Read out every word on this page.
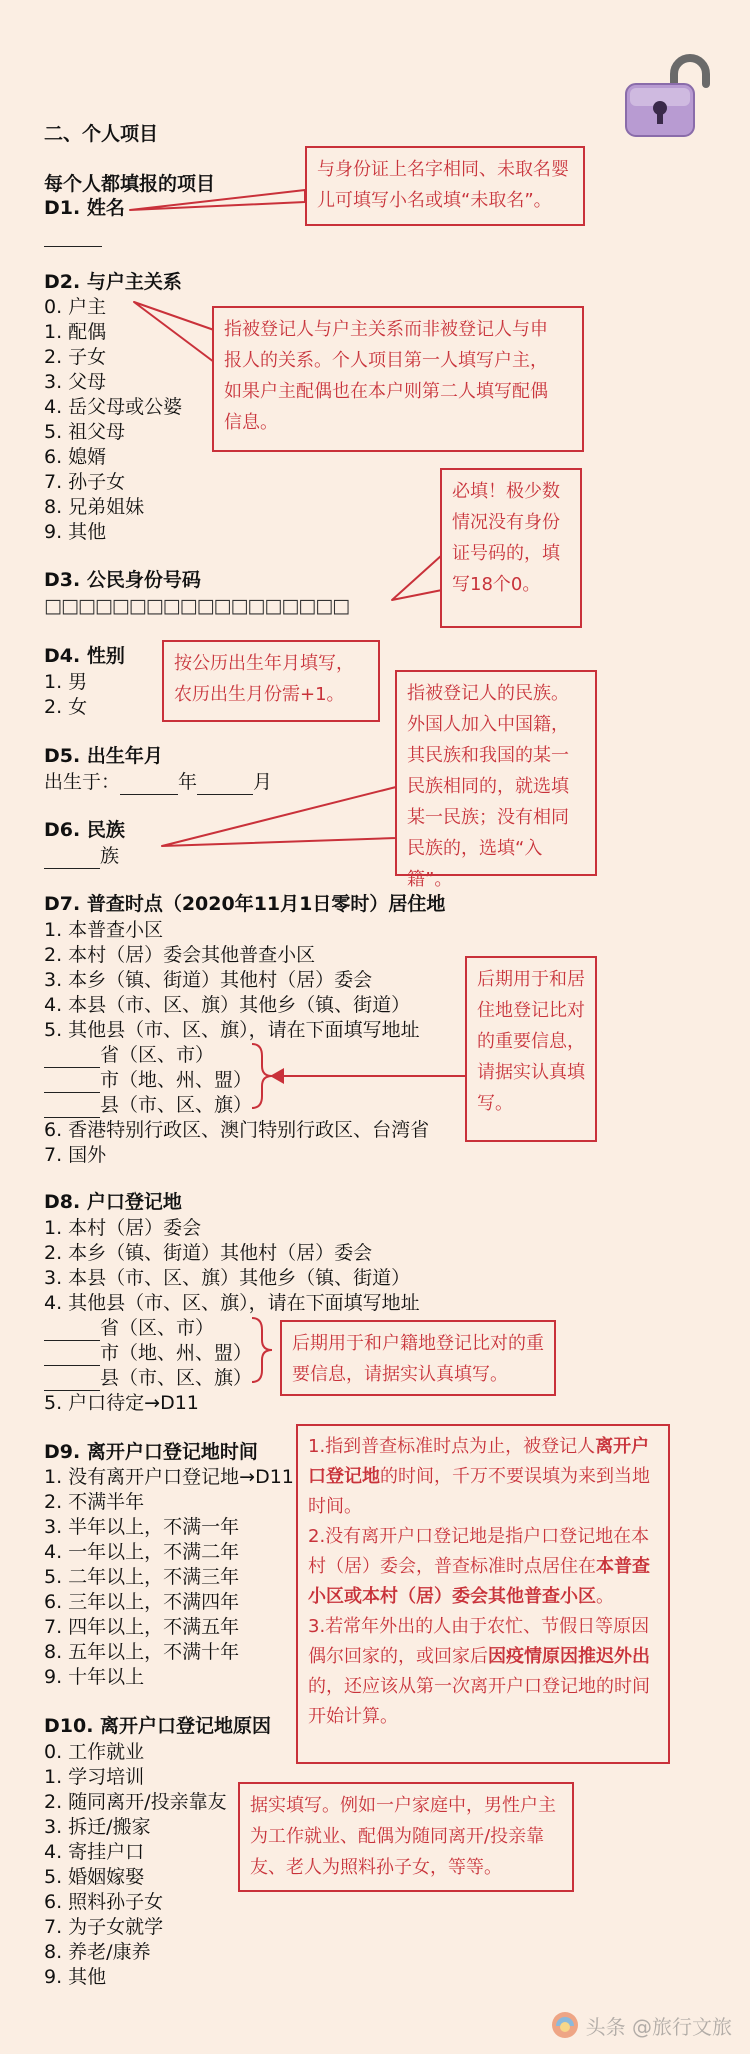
二、个人项目
每个人都填报的项目
D1. 姓名
D2. 与户主关系
0. 户主
1. 配偶
2. 子女
3. 父母
4. 岳父母或公婆
5. 祖父母
6. 媳婿
7. 孙子女
8. 兄弟姐妹
9. 其他
D3. 公民身份号码
□□□□□□□□□□□□□□□□□□
D4. 性别
1. 男
2. 女
D5. 出生年月
出生于：	年	月
D6. 民族
族
D7. 普查时点（2020年11月1日零时）居住地
1. 本普查小区
2. 本村（居）委会其他普查小区
3. 本乡（镇、街道）其他村（居）委会
4. 本县（市、区、旗）其他乡（镇、街道）
5. 其他县（市、区、旗），请在下面填写地址
省（区、市）
市（地、州、盟）
县（市、区、旗）
6. 香港特别行政区、澳门特别行政区、台湾省
7. 国外
D8. 户口登记地
1. 本村（居）委会
2. 本乡（镇、街道）其他村（居）委会
3. 本县（市、区、旗）其他乡（镇、街道）
4. 其他县（市、区、旗），请在下面填写地址
省（区、市）
市（地、州、盟）
县（市、区、旗）
5. 户口待定→D11
D9. 离开户口登记地时间
1. 没有离开户口登记地→D11
2. 不满半年
3. 半年以上，不满一年
4. 一年以上，不满二年
5. 二年以上，不满三年
6. 三年以上，不满四年
7. 四年以上，不满五年
8. 五年以上，不满十年
9. 十年以上
D10. 离开户口登记地原因
0. 工作就业
1. 学习培训
2. 随同离开/投亲靠友
3. 拆迁/搬家
4. 寄挂户口
5. 婚姻嫁娶
6. 照料孙子女
7. 为子女就学
8. 养老/康养
9. 其他
与身份证上名字相同、未取名婴
儿可填写小名或填“未取名”。
指被登记人与户主关系而非被登记人与申
报人的关系。个人项目第一人填写户主，
如果户主配偶也在本户则第二人填写配偶
信息。
必填！极少数
情况没有身份
证号码的，填
写18个0。
按公历出生年月填写，
农历出生月份需+1。	指被登记人的民族。
外国人加入中国籍，
其民族和我国的某一
民族相同的，就选填
某一民族；没有相同
民族的，选填“入籍”。
后期用于和居
住地登记比对
的重要信息，
请据实认真填
写。
后期用于和户籍地登记比对的重
要信息，请据实认真填写。
1.指到普查标准时点为止，被登记人离开户
口登记地的时间，千万不要误填为来到当地
时间。
2.没有离开户口登记地是指户口登记地在本
村（居）委会，普查标准时点居住在本普查
小区或本村（居）委会其他普查小区。
3.若常年外出的人由于农忙、节假日等原因
偶尔回家的，或回家后因疫情原因推迟外出
的，还应该从第一次离开户口登记地的时间
开始计算。
据实填写。例如一户家庭中，男性户主
为工作就业、配偶为随同离开/投亲靠
友、老人为照料孙子女，等等。
头条 @旅行文旅
